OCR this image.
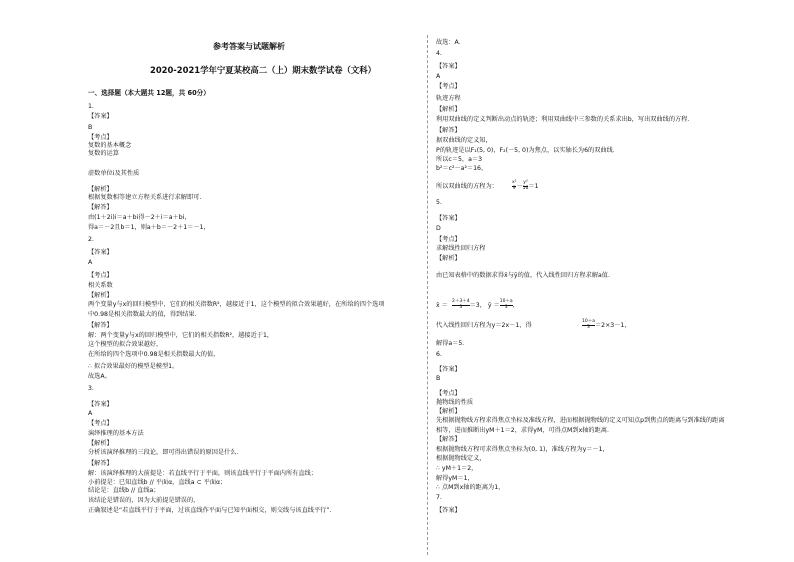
参考答案与试题解析
2020-2021学年宁夏某校高二（上）期末数学试卷（文科）
一、选择题（本大题共 12题，共 60分）
1.
【答案】
B
【考点】
复数的基本概念
复数的运算
虚数单位i及其性质
【解析】
根据复数相等建立方程关系进行求解即可.
【解答】
由(1＋2i)i＝a＋bi得－2＋i＝a＋bi，
得a＝－2且b＝1，则a＋b＝－2＋1＝－1，
2.
【答案】
A
【考点】
相关系数
【解析】
两个变量y与x的回归模型中，它们的相关指数R²，越接近于1，这个模型的拟合效果越好，在所给的四个选项
中0.98是相关指数最大的值，得到结果.
【解答】
解：两个变量y与x的回归模型中，它们的相关指数R²，越接近于1，
这个模型的拟合效果越好，
在所给的四个选项中0.98是相关指数最大的值，
∴ 拟合效果最好的模型是模型1。
故选A。
3.
【答案】
A
【考点】
演绎推理的基本方法
【解析】
分析该演绎推理的三段论，即可得出错误的原因是什么．
【解答】
解：该演绎推理的大前提是：若直线平行于平面，则该直线平行于平面内所有直线；
小前提是：已知直线b // 平面α，直线a ⊂ 平面α；
结论是：直线b // 直线a；
该结论是错误的，因为大前提是错误的，
正确叙述是“若直线平行于平面，过该直线作平面与已知平面相交，则交线与该直线平行”．
故选：A．
4.
【答案】
A
【考点】
轨迹方程
【解析】
利用双曲线的定义判断出动点的轨迹；利用双曲线中三参数的关系求出b，写出双曲线的方程．
【解答】
据双曲线的定义知，
P的轨迹是以F₁(5, 0)，F₂(－5, 0)为焦点，以实轴长为6的双曲线．
所以c＝5，a＝3
b²＝c²－a²＝16，
所以双曲线的方程为：
5.
【答案】
D
【考点】
求解线性回归方程
【解析】
由已知表格中的数据求得x̄与ȳ的值，代入线性回归方程求解a值．
x̄ ＝
代入线性回归方程为y＝2x－1，得
解得a＝5．
6.
【答案】
B
【考点】
抛物线的性质
【解析】
先根据抛物线方程求得焦点坐标及准线方程，进而根据抛物线的定义可知点p到焦点的距离与到准线的距离
相等，进而推断出yM＋1＝2，求得yM，可得点M到x轴的距离．
【解答】
根据抛物线方程可求得焦点坐标为(0, 1)，准线方程为y＝－1，
根据抛物线定义，
∴ yM＋1＝2，
解得yM＝1，
∴ 点M到x轴的距离为1，
7.
【答案】
$\frac{\text{x²}}{9} - \frac{\text{y²}}{16} =1$
$\frac{2+3+4}{3} =3$， ȳ ＝ $\frac{10+a}{3}$ ，
$\frac{10+a}{3} =2\times 3-1$，
